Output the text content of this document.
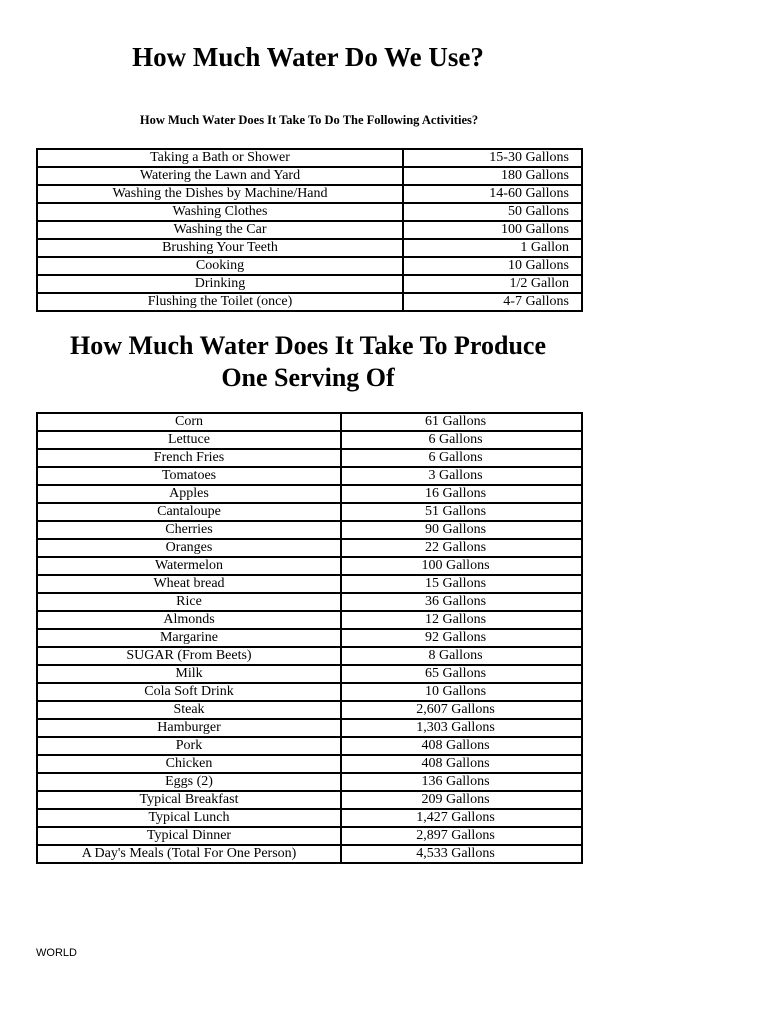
How Much Water Do We Use?

How Much Water Does It Take To Do The Following Activities?

Taking a Bath or Shower	15-30 Gallons
Watering the Lawn and Yard	180 Gallons
Washing the Dishes by Machine/Hand	14-60 Gallons
Washing Clothes	50 Gallons
Washing the Car	100 Gallons
Brushing Your Teeth	1 Gallon
Cooking	10 Gallons
Drinking	1/2 Gallon
Flushing the Toilet (once)	4-7 Gallons
How Much Water Does It Take To Produce
One Serving Of
Corn	61 Gallons
Lettuce	6 Gallons
French Fries	6 Gallons
Tomatoes	3 Gallons
Apples	16 Gallons
Cantaloupe	51 Gallons
Cherries	90 Gallons
Oranges	22 Gallons
Watermelon	100 Gallons
Wheat bread	15 Gallons
Rice	36 Gallons
Almonds	12 Gallons
Margarine	92 Gallons
SUGAR (From Beets)	8 Gallons
Milk	65 Gallons
Cola Soft Drink	10 Gallons
Steak	2,607 Gallons
Hamburger	1,303 Gallons
Pork	408 Gallons
Chicken	408 Gallons
Eggs (2)	136 Gallons
Typical Breakfast	209 Gallons
Typical Lunch	1,427 Gallons
Typical Dinner	2,897 Gallons
A Day's Meals (Total For One Person)	4,533 Gallons
WORLD
